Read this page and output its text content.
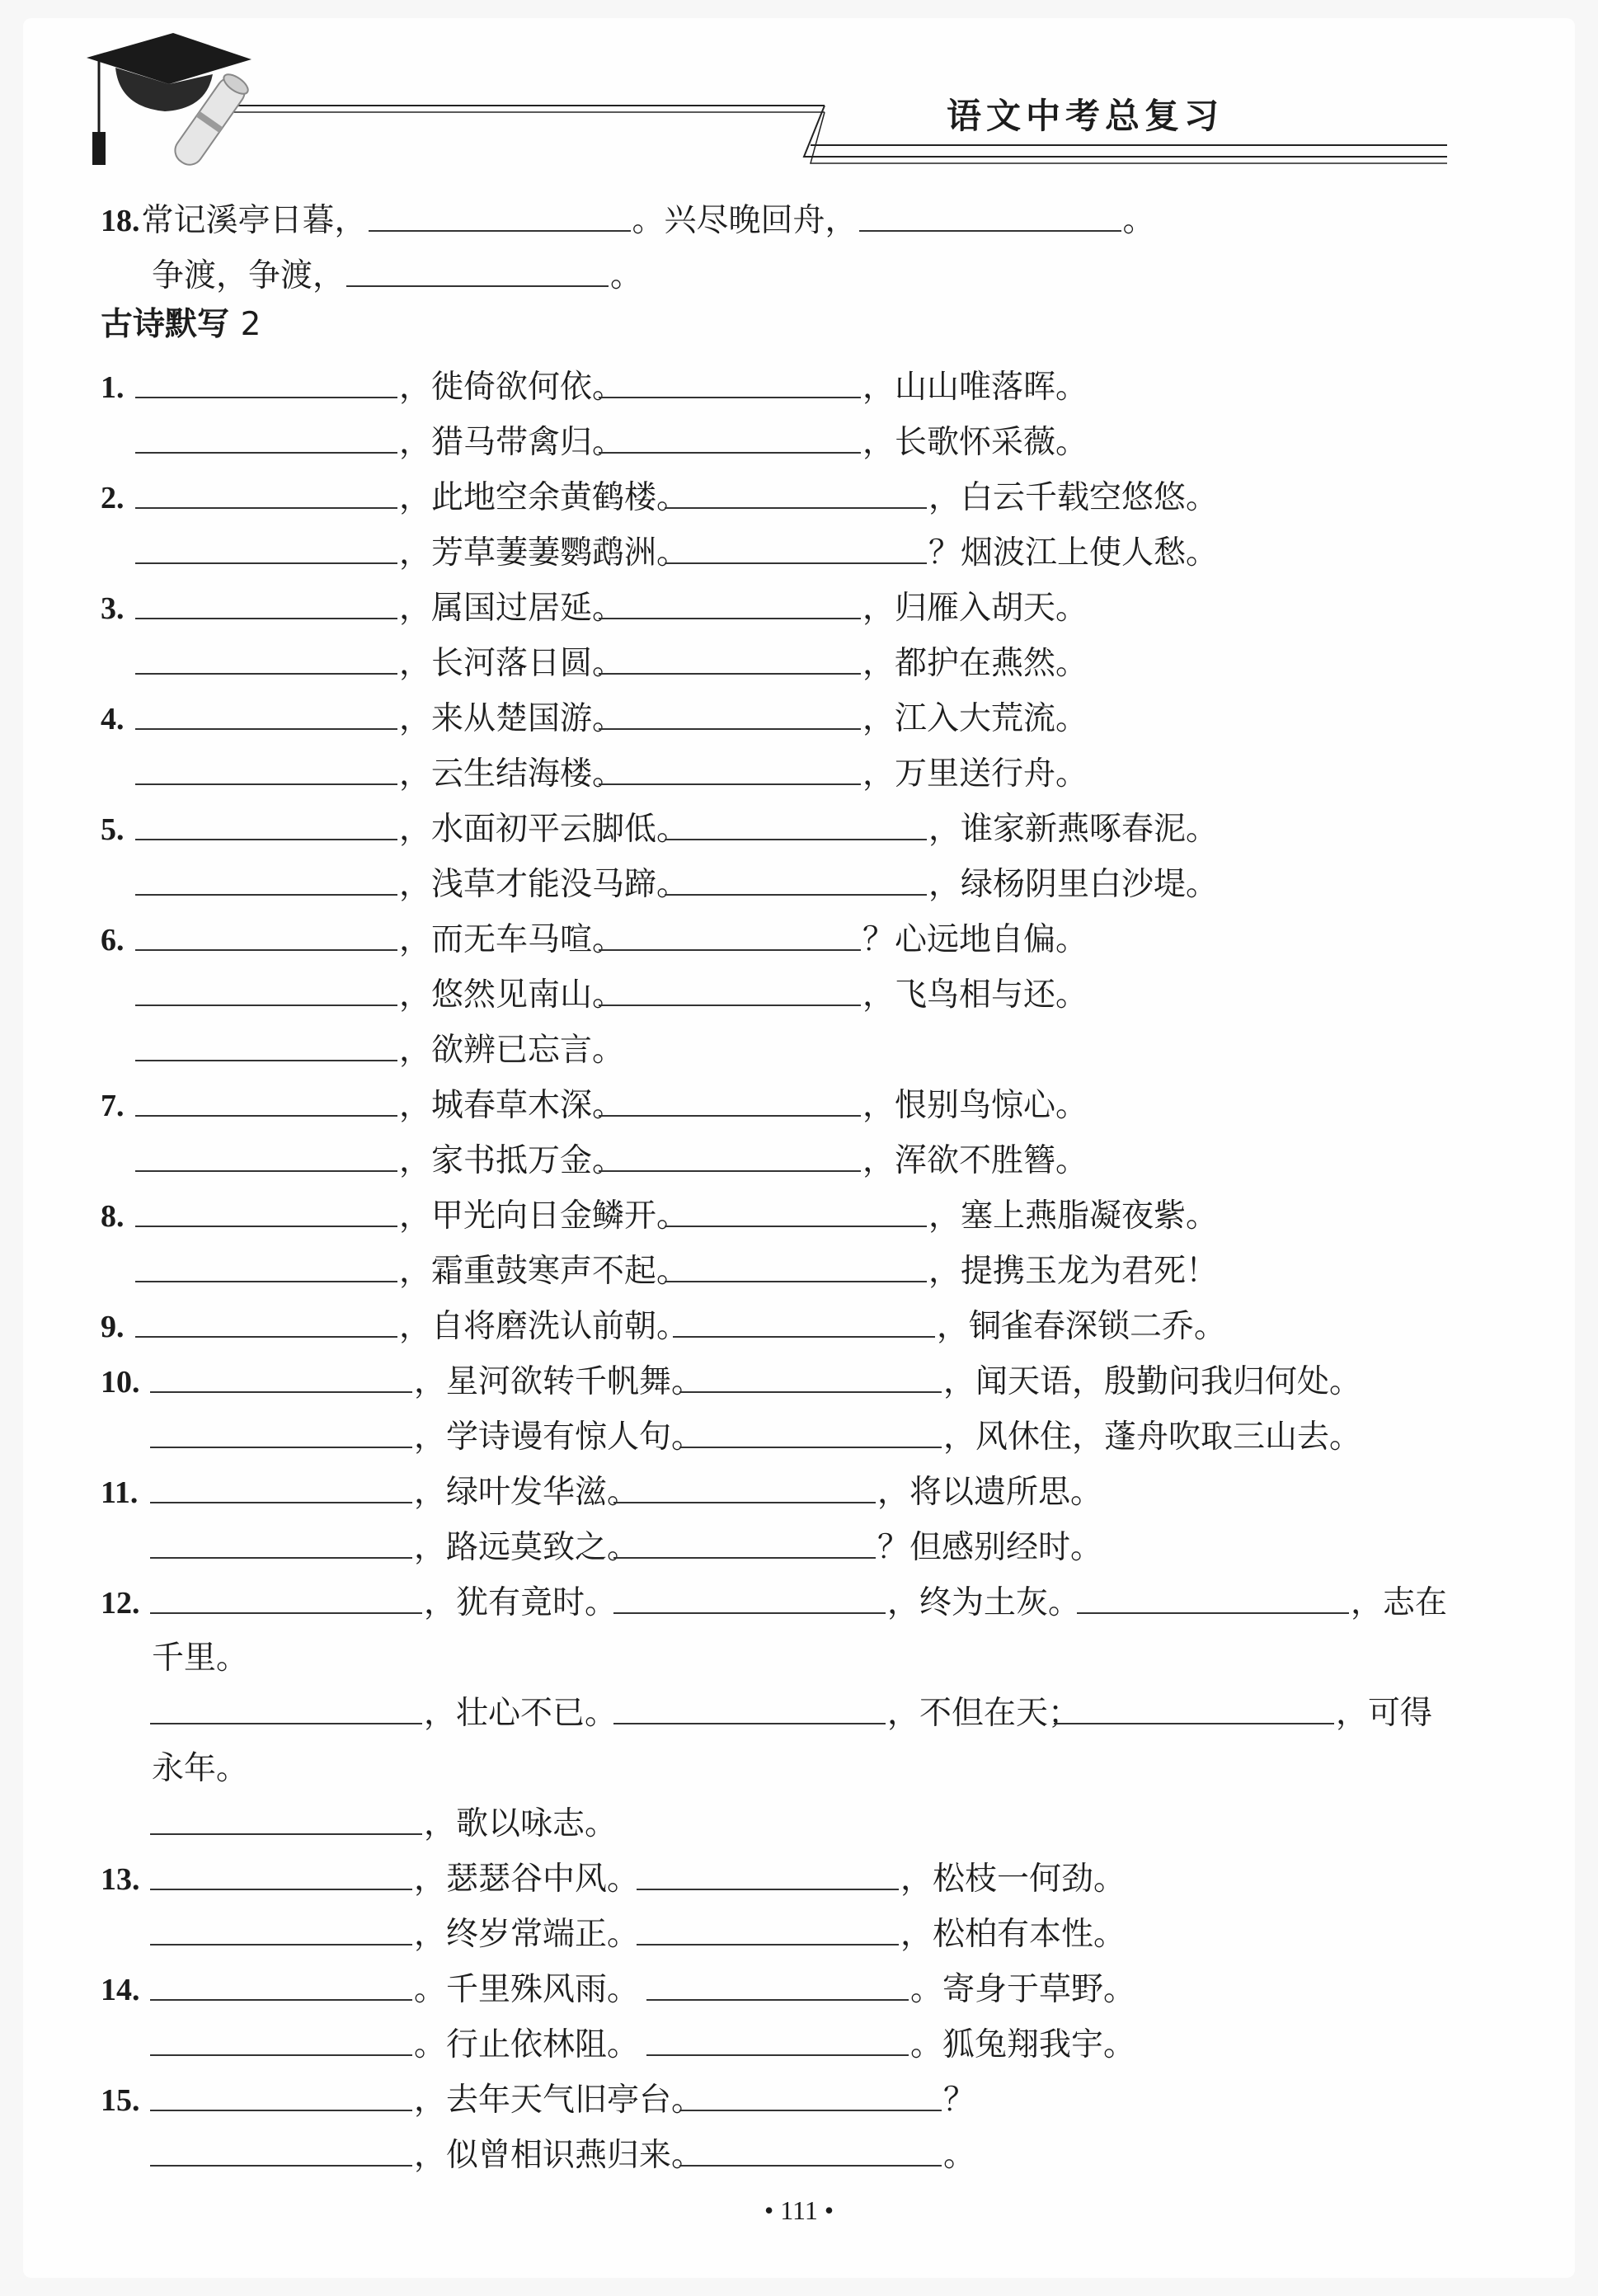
语文中考总复习
18. 常记溪亭日暮，	。兴尽晚回舟，	。
争渡，争渡，	。
古诗默写 2
1.	，徙倚欲何依。	，山山唯落晖。
，猎马带禽归。	，长歌怀采薇。
2.	，此地空余黄鹤楼。	，白云千载空悠悠。
，芳草萋萋鹦鹉洲。	？烟波江上使人愁。
3.	，属国过居延。	，归雁入胡天。
，长河落日圆。	，都护在燕然。
4.	，来从楚国游。	，江入大荒流。
，云生结海楼。	，万里送行舟。
5.	，水面初平云脚低。	，谁家新燕啄春泥。
，浅草才能没马蹄。	，绿杨阴里白沙堤。
6.	，而无车马喧。	？心远地自偏。
，悠然见南山。	，飞鸟相与还。
，欲辨已忘言。
7.	，城春草木深。	，恨别鸟惊心。
，家书抵万金。	，浑欲不胜簪。
8.	，甲光向日金鳞开。	，塞上燕脂凝夜紫。
，霜重鼓寒声不起。	，提携玉龙为君死！
9.	，自将磨洗认前朝。	，铜雀春深锁二乔。
10.	，星河欲转千帆舞。	，闻天语，殷勤问我归何处。
，学诗谩有惊人句。	，风休住，蓬舟吹取三山去。
11.	，绿叶发华滋。	，将以遗所思。
，路远莫致之。	？但感别经时。
12.	，犹有竟时。	，终为土灰。	，志在
千里。
，壮心不已。	，不但在天；	，可得
永年。
，歌以咏志。
13.	，瑟瑟谷中风。	，松枝一何劲。
，终岁常端正。	，松柏有本性。
14.	。千里殊风雨。	。寄身于草野。
。行止依林阻。	。狐兔翔我宇。
15.	，去年天气旧亭台。	？
，似曾相识燕归来。	。
• 111 •
